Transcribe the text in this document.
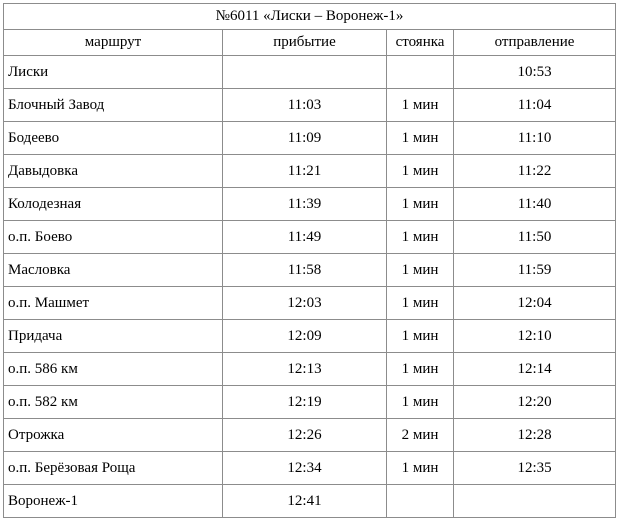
№6011 «Лиски – Воронеж-1»			
маршрут	прибытие	стоянка	отправление
Лиски			10:53
Блочный Завод	11:03	1 мин	11:04
Бодеево	11:09	1 мин	11:10
Давыдовка	11:21	1 мин	11:22
Колодезная	11:39	1 мин	11:40
о.п. Боево	11:49	1 мин	11:50
Масловка	11:58	1 мин	11:59
о.п. Машмет	12:03	1 мин	12:04
Придача	12:09	1 мин	12:10
о.п. 586 км	12:13	1 мин	12:14
о.п. 582 км	12:19	1 мин	12:20
Отрожка	12:26	2 мин	12:28
о.п. Берёзовая Роща	12:34	1 мин	12:35
Воронеж-1	12:41		
